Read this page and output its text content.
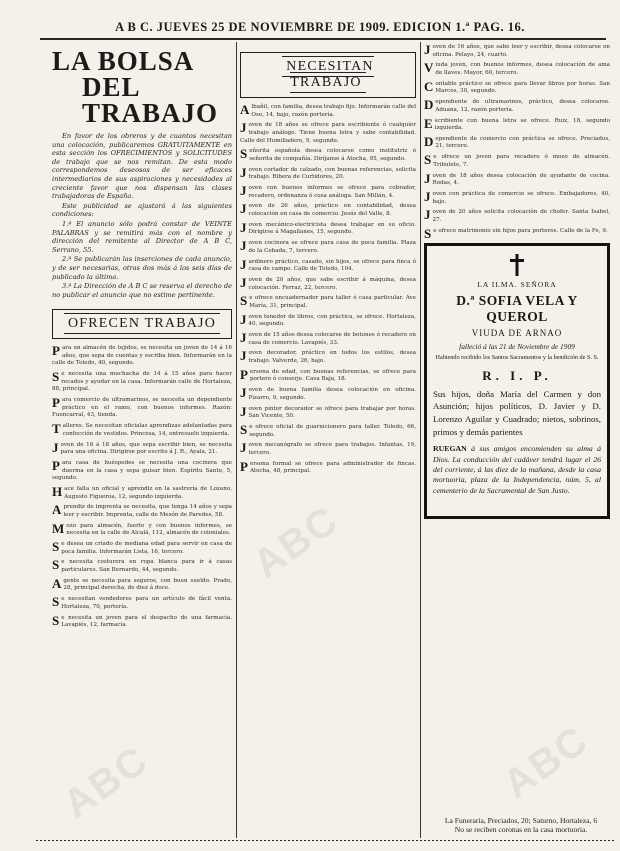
A B C. JUEVES 25 DE NOVIEMBRE DE 1909. EDICION 1.ª PAG. 16.
LA BOLSA
DEL TRABAJO

En favor de los obreros y de cuantos necesitan una colocación, publicaremos GRATUITAMENTE en esta sección los OFRECIMIENTOS y SOLICITUDES de trabajo que se nos remitan. De esta modo correspondemos deseosos de ser eficaces intermediarios de sus aspiraciones y necesidades al creciente favor que nos dispensan las clases trabajadoras de España.

Este publicidad se ajustará á las siguientes condiciones:

1.ª El anuncio sólo podrá constar de VEINTE PALABRAS y se remitirá más con el nombre y dirección del remitente al Director de A B C, Serrano, 55.

2.ª Se publicarán las inserciones de cada anuncio, y de ser necesarias, otras dos más á los seis días de publicado la última.

3.ª La Dirección de A B C se reserva el derecho de no publicar el anuncio que no estime pertinente.

OFRECEN TRABAJO

Para un almacén de tejidos, se necesita un joven de 14 á 16 años, que sepa de cuentas y escriba bien. Informarán en la calle de Toledo, 40, segundo.

Se necesita una muchacha de 14 á 15 años para hacer recados y ayudar en la casa. Informarán calle de Hortaleza, 88, principal.

Para comercio de ultramarinos, se necesita un dependiente práctico en el ramo, con buenos informes. Razón: Fuencarral, 43, tienda.

Talleres. Se necesitan oficialas aprendizas adelantadas para confección de vestidos. Princesa, 14, entresuelo izquierda.

Joven de 16 á 18 años, que sepa escribir bien, se necesita para una oficina. Dirigirse por escrito á J. R., Ayala, 21.

Para casa de huéspedes se necesita una cocinera que duerma en la casa y sepa guisar bien. Espíritu Santo, 5, segundo.

Hace falta un oficial y aprendiz en la sastrería de Lozano, Augusto Figueroa, 12, segundo izquierda.

Aprendiz de imprenta se necesita, que tenga 14 años y sepa leer y escribir. Imprenta, calle de Mesón de Paredes, 58.

Mozo para almacén, fuerte y con buenos informes, se necesita en la calle de Alcalá, 112, almacén de coloniales.

Se desea un criado de mediana edad para servir en casa de poca familia. Informarán Lista, 16, tercero.

Se necesita costurera en ropa blanca para ir á casas particulares. San Bernardo, 44, segundo.

Agente se necesita para seguros, con buen sueldo. Prado, 28, principal derecha, de diez á doce.

Se necesitan vendedores para un artículo de fácil venta. Hortaleza, 70, portería.

Se necesita un joven para el despacho de una farmacia. Lavapiés, 12, farmacia.

NECESITAN TRABAJO

Albañil, con familia, desea trabajo fijo. Informarán calle del Oso, 14, bajo, razón portería.

Joven de 18 años se ofrece para escribiente ó cualquier trabajo análogo. Tiene buena letra y sabe contabilidad. Calle del Humilladero, 9, segundo.

Señorita española desea colocarse como institutriz ó señorita de compañía. Diríjanse á Atocha, 95, segundo.

Joven cortador de calzado, con buenas referencias, solicita trabajo. Ribera de Curtidores, 20.

Joven con buenos informes se ofrece para cobrador, recadero, ordenanza ó cosa análoga. San Millán, 4.

Joven de 26 años, práctico en contabilidad, desea colocación en casa de comercio. Jesús del Valle, 8.

Joven mecánico-electricista desea trabajar en su oficio. Dirigirse á Magallanes, 15, segundo.

Joven cocinera se ofrece para casa de poca familia. Plaza de la Cebada, 7, tercero.

Jardinero práctico, casado, sin hijos, se ofrece para finca ó casa de campo. Calle de Toledo, 104.

Joven de 20 años, que sabe escribir á máquina, desea colocación. Ferraz, 22, tercero.

Se ofrece encuadernador para taller ó casa particular. Ave María, 31, principal.

Joven tenedor de libros, con práctica, se ofrece. Hortaleza, 40, segundo.

Joven de 15 años desea colocarse de botones ó recadero en casa de comercio. Lavapiés, 33.

Joven decorador, práctico en todos los estilos, desea trabajo. Valverde, 26, bajo.

Persona de edad, con buenas referencias, se ofrece para portero ó conserje. Cava Baja, 18.

Joven de buena familia desea colocación en oficina. Pizarro, 9, segundo.

Joven pintor decorador se ofrece para trabajar por horas. San Vicente, 50.

Se ofrece oficial de guarnicionero para taller. Toledo, 66, segundo.

Joven mecanógrafo se ofrece para trabajos. Infantas, 19, tercero.

Persona formal se ofrece para administrador de fincas. Atocha, 48, principal.

Joven de 16 años, que sabe leer y escribir, desea colocarse en oficina. Pelayo, 24, cuarto.

Viuda joven, con buenos informes, desea colocación de ama de llaves. Mayor, 60, tercero.

Contable práctico se ofrece para llevar libros por horas. San Marcos, 30, segundo.

Dependiente de ultramarinos, práctico, desea colocarse. Aduana, 12, razón portería.

Escribiente con buena letra se ofrece. Ruiz, 18, segundo izquierda.

Dependiente de comercio con práctica se ofrece. Preciados, 21, tercero.

Se ofrece un joven para recadero ó mozo de almacén. Tribulete, 7.

Joven de 18 años desea colocación de ayudante de cocina. Rodas, 4.

Joven con práctica de comercio se ofrece. Embajadores, 40, bajo.

Joven de 20 años solicita colocación de chofer. Santa Isabel, 27.

Se ofrece matrimonio sin hijos para porteros. Calle de la Fe, 9.

LA ILMA. SEÑORA
D.ª SOFIA VELA Y QUEROL
VIUDA DE ARNAO
falleció á las 21 de Noviembre de 1909
Habiendo recibido los Santos Sacramentos y la bendición de S. S.
R. I. P.
Sus hijos, doña María del Carmen y don Asunción; hijos políticos, D. Javier y D. Lorenzo Aguilar y Cuadrado; nietos, sobrinos, primos y demás parientes
RUEGAN á sus amigos encomienden su alma á Dios. La conducción del cadáver tendrá lugar el 26 del corriente, á las diez de la mañana, desde la casa mortuoria, plaza de la Independencia, núm. 5, al cementerio de la Sacramental de San Justo.
La Funeraria, Preciados, 20; Saturno, Hortaleza, 6
No se reciben coronas en la casa mortuoria.
ABC
ABC	ABC
